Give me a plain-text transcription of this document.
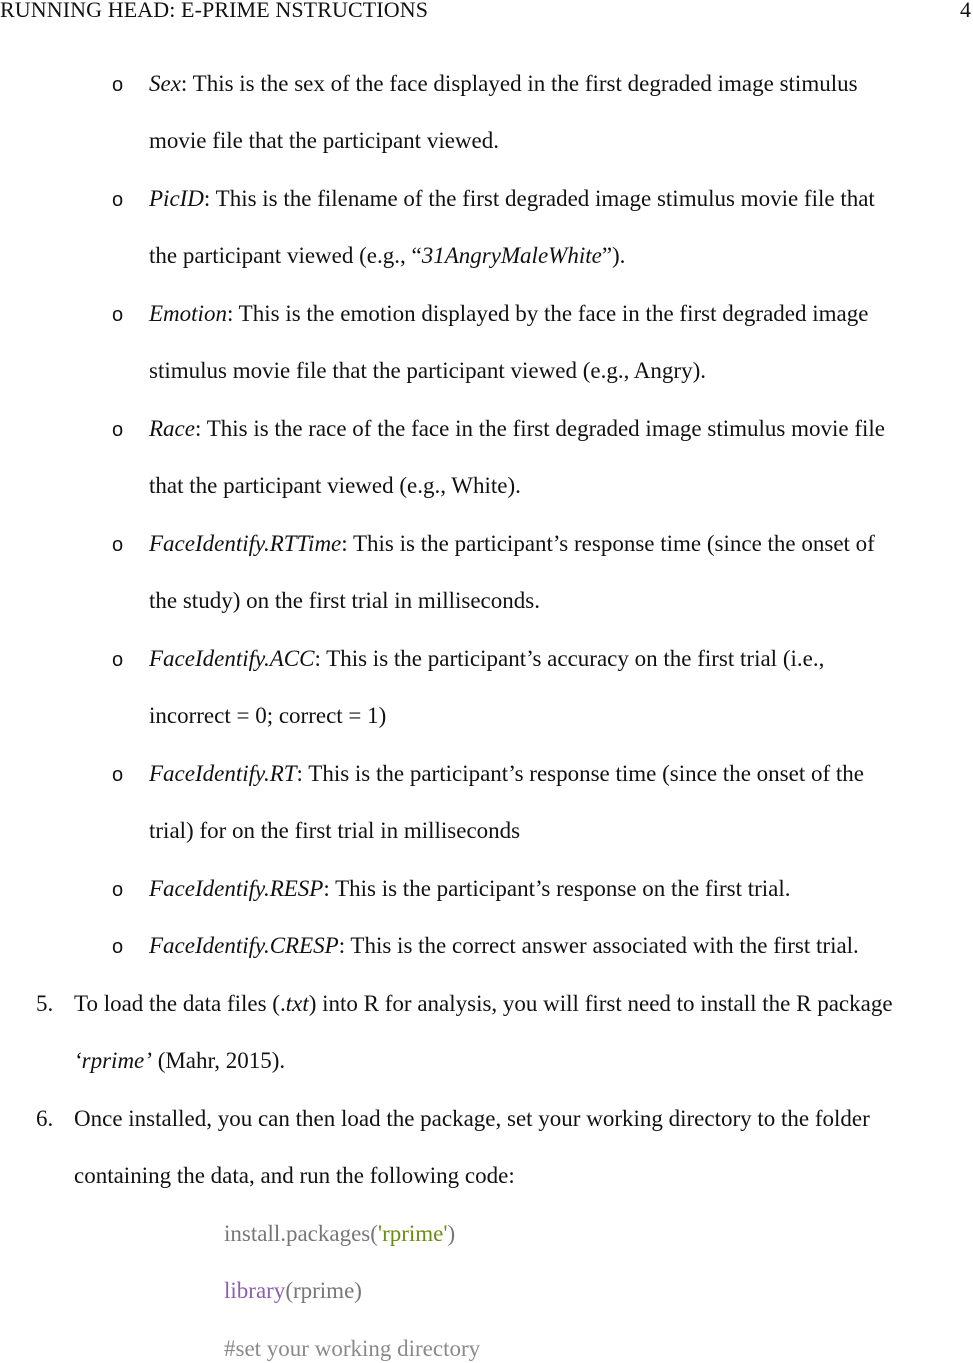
RUNNING HEAD: E-PRIME NSTRUCTIONS	4
o Sex: This is the sex of the face displayed in the first degraded image stimulus
movie file that the participant viewed.
o PicID: This is the filename of the first degraded image stimulus movie file that
the participant viewed (e.g., “31AngryMaleWhite”).
o Emotion: This is the emotion displayed by the face in the first degraded image
stimulus movie file that the participant viewed (e.g., Angry).
o Race: This is the race of the face in the first degraded image stimulus movie file
that the participant viewed (e.g., White).
o FaceIdentify.RTTime: This is the participant’s response time (since the onset of
the study) on the first trial in milliseconds.
o FaceIdentify.ACC: This is the participant’s accuracy on the first trial (i.e.,
incorrect = 0; correct = 1)
o FaceIdentify.RT: This is the participant’s response time (since the onset of the
trial) for on the first trial in milliseconds
o FaceIdentify.RESP: This is the participant’s response on the first trial.
o FaceIdentify.CRESP: This is the correct answer associated with the first trial.
5. To load the data files (.txt) into R for analysis, you will first need to install the R package
‘rprime’ (Mahr, 2015).
6. Once installed, you can then load the package, set your working directory to the folder
containing the data, and run the following code:
install.packages('rprime')
library(rprime)
#set your working directory
